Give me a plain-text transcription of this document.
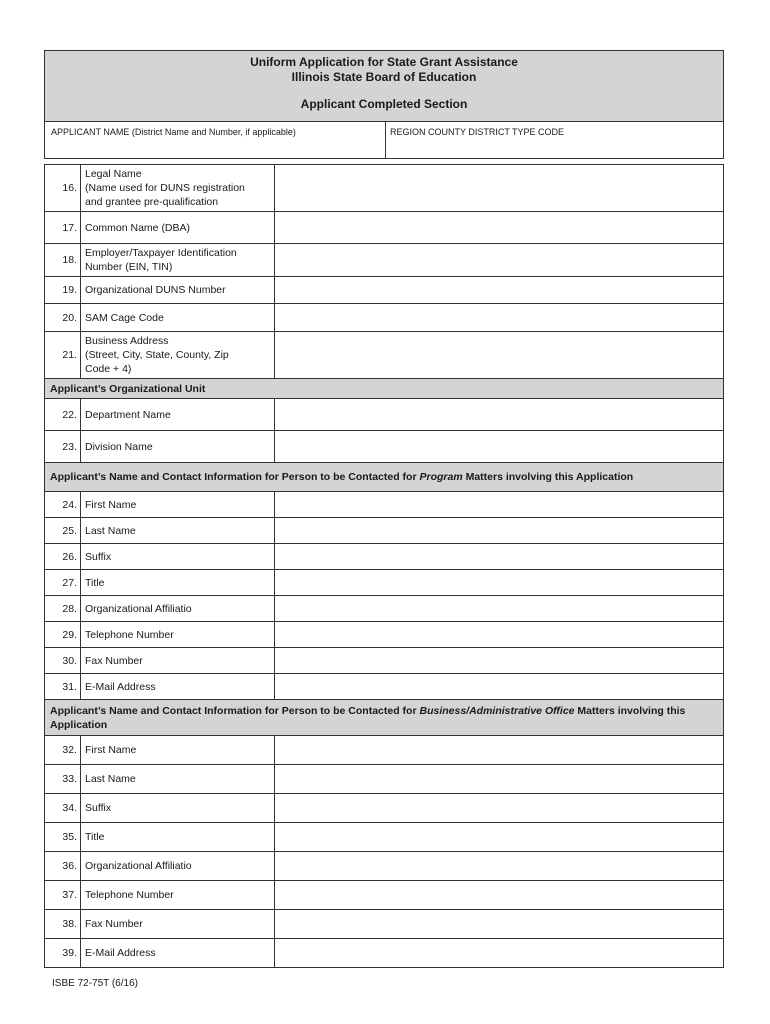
Uniform Application for State Grant Assistance
Illinois State Board of Education
Applicant Completed Section
APPLICANT NAME (District Name and Number, if applicable)	REGION COUNTY DISTRICT TYPE CODE
16.	Legal Name
(Name used for DUNS registration
and grantee pre-qualification	
17.	Common Name (DBA)	
18.	Employer/Taxpayer Identification
Number (EIN, TIN)	
19.	Organizational DUNS Number	
20.	SAM Cage Code	
21.	Business Address
(Street, City, State, County, Zip
Code + 4)	
Applicant’s Organizational Unit		
22.	Department Name	
23.	Division Name	
Applicant’s Name and Contact Information for Person to be Contacted for Program Matters involving this Application		
24.	First Name	
25.	Last Name	
26.	Suffix	
27.	Title	
28.	Organizational Affiliatio	
29.	Telephone Number	
30.	Fax Number	
31.	E-Mail Address	
Applicant’s Name and Contact Information for Person to be Contacted for Business/Administrative Office Matters involving this Application		
32.	First Name	
33.	Last Name	
34.	Suffix	
35.	Title	
36.	Organizational Affiliatio	
37.	Telephone Number	
38.	Fax Number	
39.	E-Mail Address	
ISBE 72-75T (6/16)
